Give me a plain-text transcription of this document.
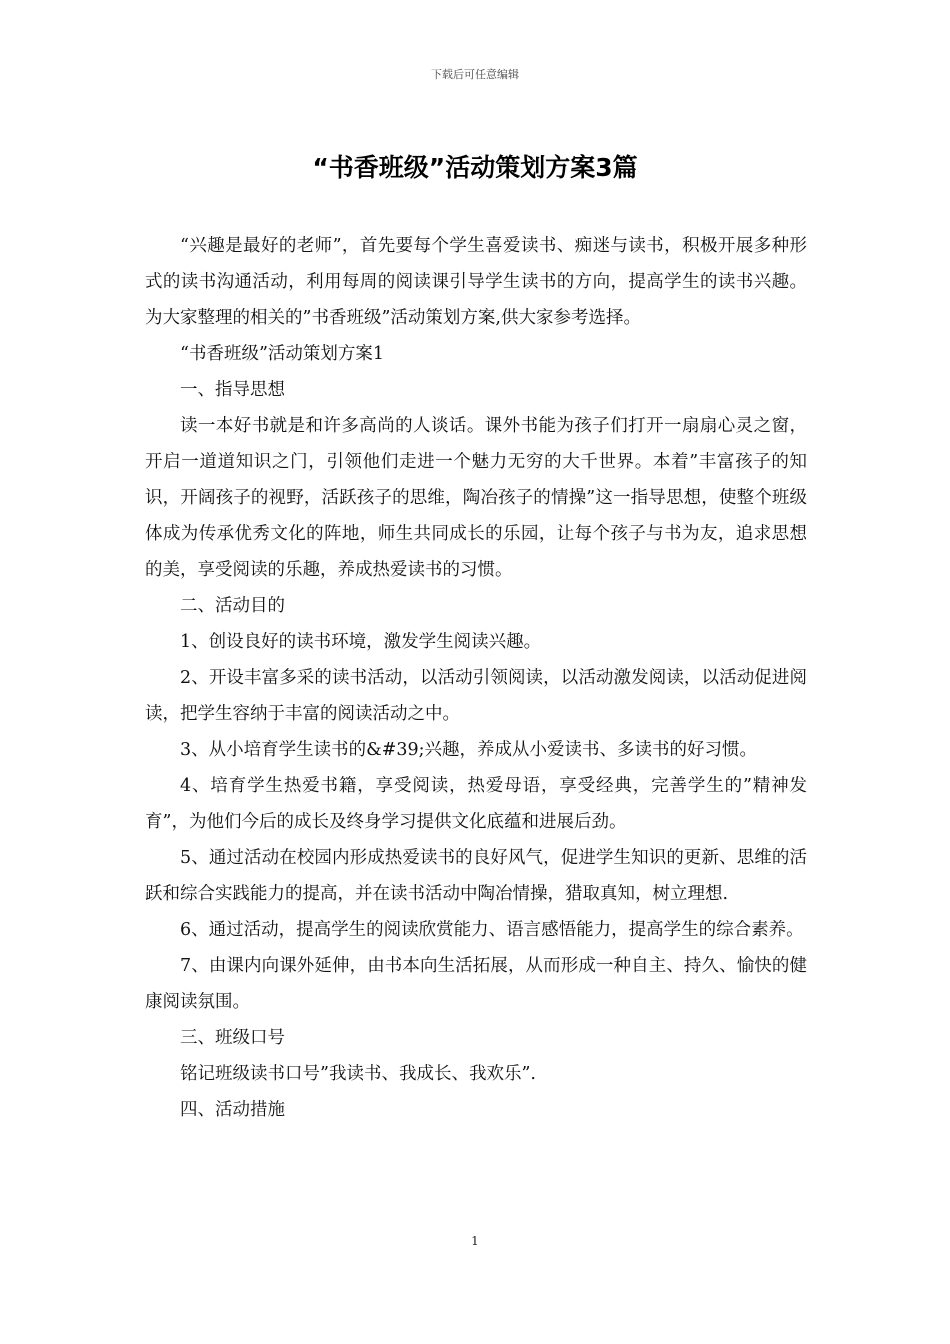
下载后可任意编辑
“书香班级”活动策划方案3篇

“兴趣是最好的老师”，首先要每个学生喜爱读书、痴迷与读书，积极开展多种形式的读书沟通活动，利用每周的阅读课引导学生读书的方向，提高学生的读书兴趣。为大家整理的相关的”书香班级”活动策划方案,供大家参考选择。

“书香班级”活动策划方案1

一、指导思想

读一本好书就是和许多高尚的人谈话。课外书能为孩子们打开一扇扇心灵之窗，开启一道道知识之门，引领他们走进一个魅力无穷的大千世界。本着”丰富孩子的知识，开阔孩子的视野，活跃孩子的思维，陶冶孩子的情操”这一指导思想，使整个班级体成为传承优秀文化的阵地，师生共同成长的乐园，让每个孩子与书为友，追求思想的美，享受阅读的乐趣，养成热爱读书的习惯。

二、活动目的

1、创设良好的读书环境，激发学生阅读兴趣。

2、开设丰富多采的读书活动，以活动引领阅读，以活动激发阅读，以活动促进阅读，把学生容纳于丰富的阅读活动之中。

3、从小培育学生读书的&#39;兴趣，养成从小爱读书、多读书的好习惯。

4、培育学生热爱书籍，享受阅读，热爱母语，享受经典，完善学生的”精神发育”，为他们今后的成长及终身学习提供文化底蕴和进展后劲。

5、通过活动在校园内形成热爱读书的良好风气，促进学生知识的更新、思维的活跃和综合实践能力的提高，并在读书活动中陶冶情操，猎取真知，树立理想.

6、通过活动，提高学生的阅读欣赏能力、语言感悟能力，提高学生的综合素养。

7、由课内向课外延伸，由书本向生活拓展，从而形成一种自主、持久、愉快的健康阅读氛围。

三、班级口号

铭记班级读书口号”我读书、我成长、我欢乐”.

四、活动措施

1
